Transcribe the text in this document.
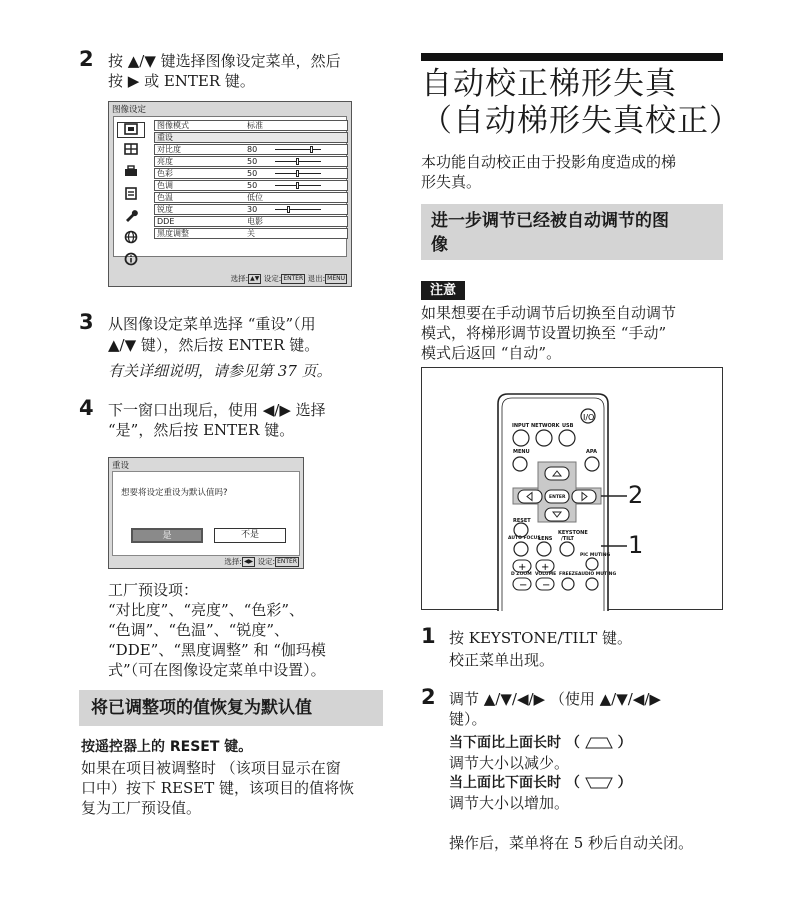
2 按 ▲/▼ 键选择图像设定菜单，然后
按 ▶ 或 ENTER 键。
图像设定
图像模式	标准
重设
对比度	80
亮度	50
色彩	50
色调	50
色温	低位
锐度	30
DDE	电影
黑度调整	关
选择: ▲▼ 设定: ENTER 退出: MENU
3 从图像设定菜单选择 “重设”（用
▲/▼ 键），然后按 ENTER 键。
有关详细说明，请参见第 37 页。
4 下一窗口出现后，使用 ◀/▶ 选择
“是”，然后按 ENTER 键。
重设
想要将设定重设为默认值吗?
是	不是
选择: ◀▶ 设定: ENTER
工厂预设项：
“对比度”、“亮度”、“色彩”、
“色调”、“色温”、“锐度”、
“DDE”、“黑度调整” 和 “伽玛模
式”（可在图像设定菜单中设置）。
将已调整项的值恢复为默认值
按遥控器上的 RESET 键。
如果在项目被调整时 （该项目显示在窗
口中）按下 RESET 键，该项目的值将恢
复为工厂预设值。
自动校正梯形失真
（自动梯形失真校正）
本功能自动校正由于投影角度造成的梯
形失真。
进一步调节已经被自动调节的图
像
注意
如果想要在手动调节后切换至自动调节
模式，将梯形调节设置切换至 “手动”
模式后返回 “自动”。
I/O
+ +
− −
INPUT NETWORK USB
MENU	APA
ENTER
RESET
KEYSTONE
/TILT
AUTO FOCUS
LENS
PIC MUTING
D ZOOM VOLUME FREEZE AUDIO MUTING
2
1
1 按 KEYSTONE/TILT 键。
校正菜单出现。
2 调节 ▲/▼/◀/▶ （使用 ▲/▼/◀/▶
键）。
当下面比上面长时 （	）
调节大小以减少。
当上面比下面长时 （	）
调节大小以增加。
操作后，菜单将在 5 秒后自动关闭。
